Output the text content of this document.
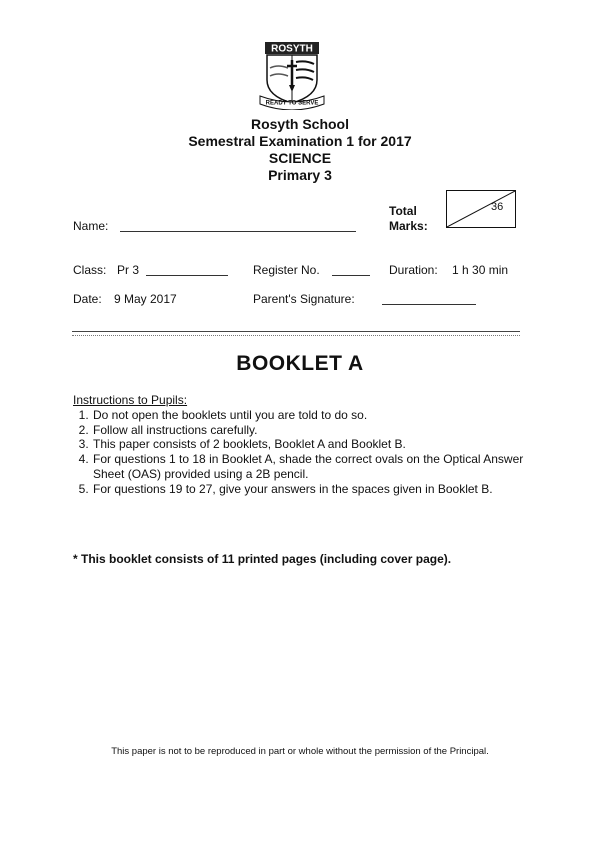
ROSYTH
READY TO SERVE
Rosyth School
Semestral Examination 1 for 2017
SCIENCE
Primary 3
Total
Marks:
36
Name:
Class: Pr 3	Register No.	Duration: 1 h 30 min
Date: 9 May 2017	Parent's Signature:
BOOKLET A
Instructions to Pupils:
1. Do not open the booklets until you are told to do so.
2. Follow all instructions carefully.
3. This paper consists of 2 booklets, Booklet A and Booklet B.
4. For questions 1 to 18 in Booklet A, shade the correct ovals on the Optical Answer Sheet (OAS) provided using a 2B pencil.
5. For questions 19 to 27, give your answers in the spaces given in Booklet B.
* This booklet consists of 11 printed pages (including cover page).
This paper is not to be reproduced in part or whole without the permission of the Principal.
